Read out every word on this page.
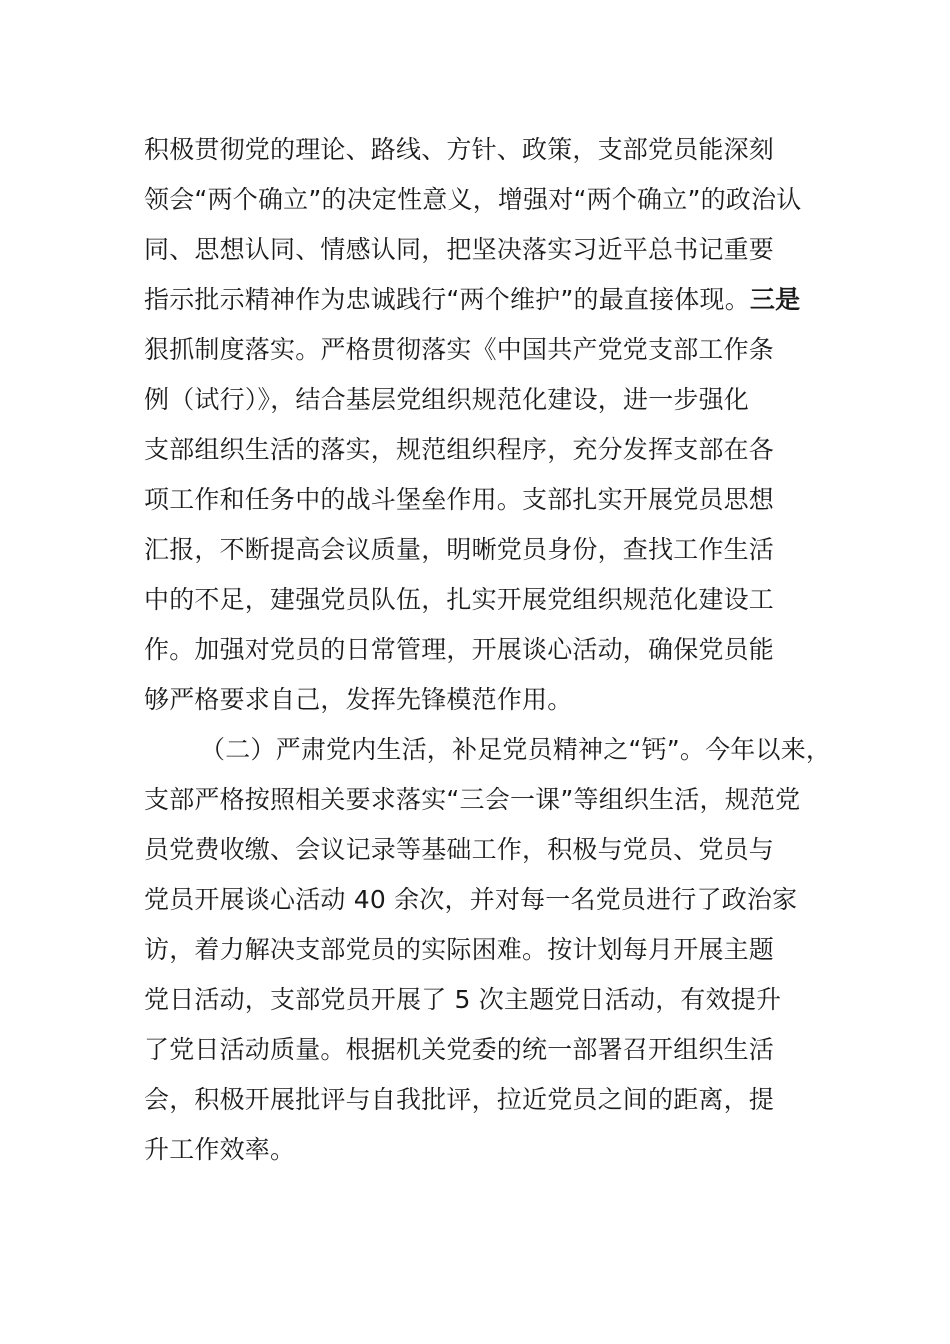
积极贯彻党的理论、路线、方针、政策，支部党员能深刻
领会“两个确立”的决定性意义，增强对“两个确立”的政治认
同、思想认同、情感认同，把坚决落实习近平总书记重要
指示批示精神作为忠诚践行“两个维护”的最直接体现。三是
狠抓制度落实。严格贯彻落实《中国共产党党支部工作条
例（试行）》，结合基层党组织规范化建设，进一步强化
支部组织生活的落实，规范组织程序，充分发挥支部在各
项工作和任务中的战斗堡垒作用。支部扎实开展党员思想
汇报，不断提高会议质量，明晰党员身份，查找工作生活
中的不足，建强党员队伍，扎实开展党组织规范化建设工
作。加强对党员的日常管理，开展谈心活动，确保党员能
够严格要求自己，发挥先锋模范作用。
（二）严肃党内生活，补足党员精神之“钙”。今年以来，
支部严格按照相关要求落实“三会一课”等组织生活，规范党
员党费收缴、会议记录等基础工作，积极与党员、党员与
党员开展谈心活动 40 余次，并对每一名党员进行了政治家
访，着力解决支部党员的实际困难。按计划每月开展主题
党日活动，支部党员开展了 5 次主题党日活动，有效提升
了党日活动质量。根据机关党委的统一部署召开组织生活
会，积极开展批评与自我批评，拉近党员之间的距离，提
升工作效率。
